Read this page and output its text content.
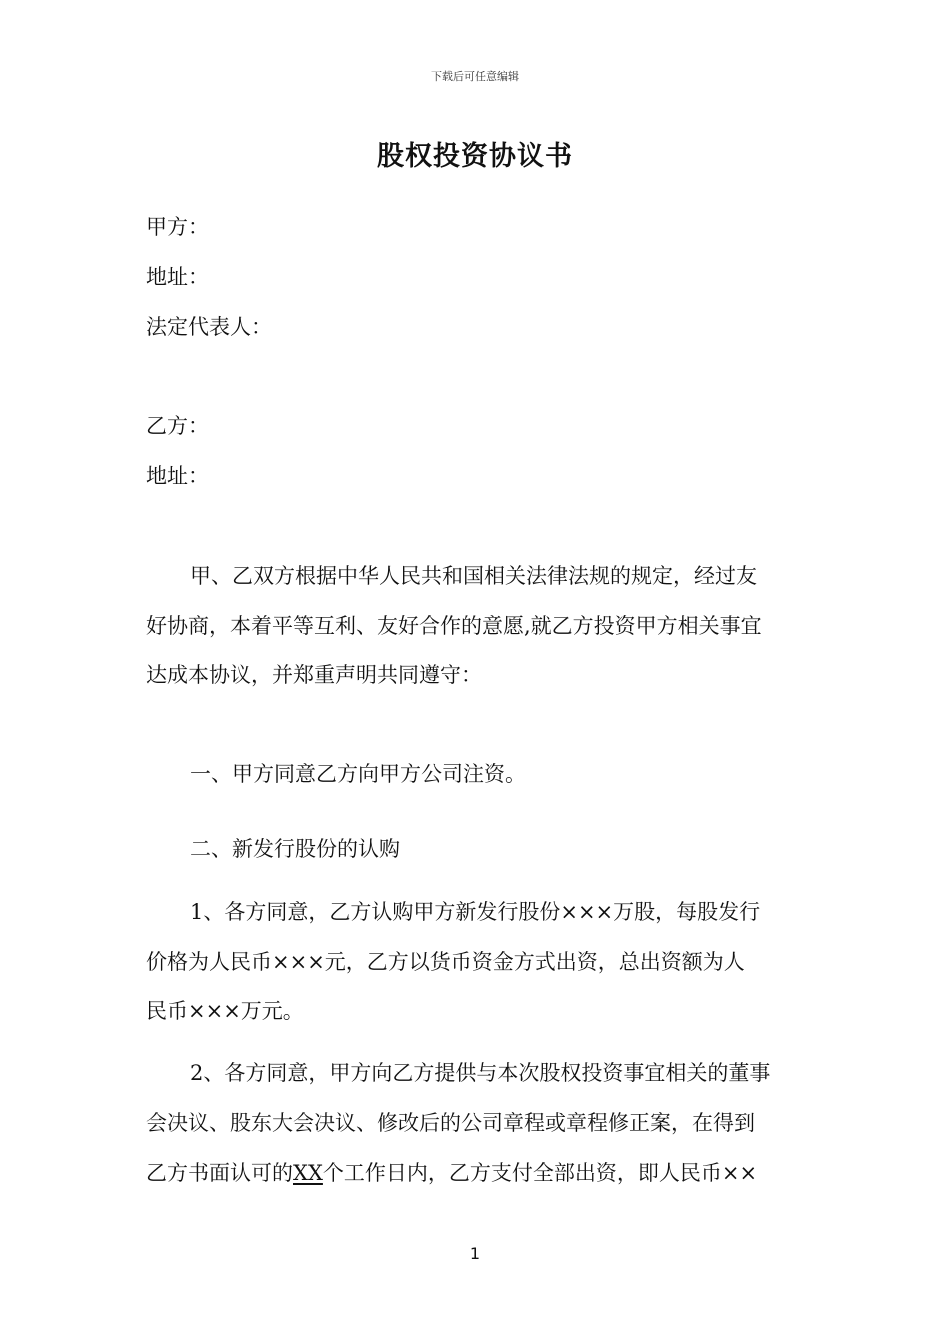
下载后可任意编辑
股权投资协议书
甲方：
地址：
法定代表人：
乙方：
地址：
甲、乙双方根据中华人民共和国相关法律法规的规定，经过友
好协商，本着平等互利、友好合作的意愿,就乙方投资甲方相关事宜
达成本协议，并郑重声明共同遵守：
一、甲方同意乙方向甲方公司注资。
二、新发行股份的认购
1、各方同意，乙方认购甲方新发行股份×××万股，每股发行
价格为人民币×××元，乙方以货币资金方式出资，总出资额为人
民币×××万元。
2、各方同意，甲方向乙方提供与本次股权投资事宜相关的董事
会决议、股东大会决议、修改后的公司章程或章程修正案，在得到
乙方书面认可的XX个工作日内，乙方支付全部出资，即人民币××
1
